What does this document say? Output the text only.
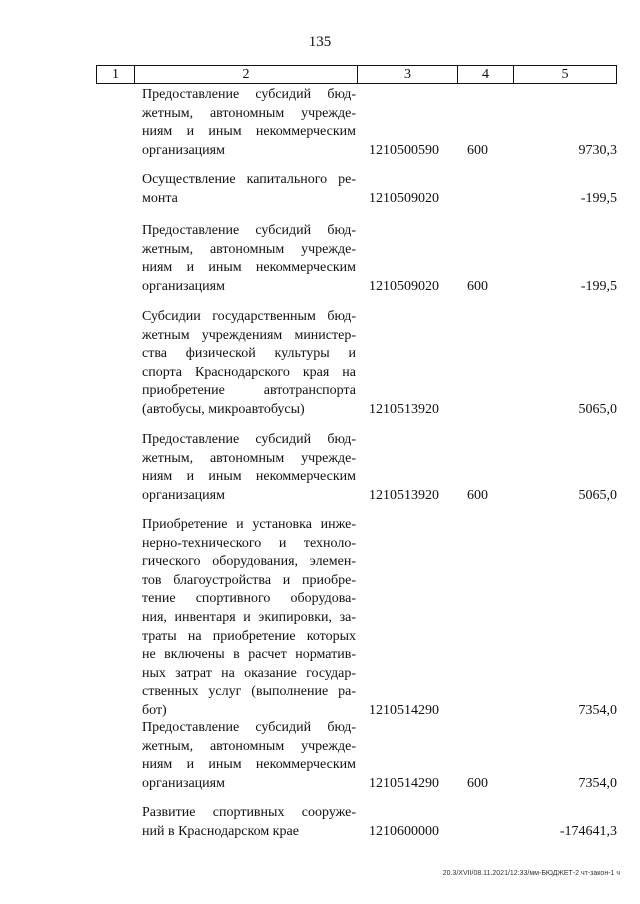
135
1	2	3	4	5
Предоставление субсидий бюд-
жетным, автономным учрежде-
ниям и иным некоммерческим
организациям	1210500590 600	9730,3
Осуществление капитального ре-
монта	1210509020	-199,5
Предоставление субсидий бюд-
жетным, автономным учрежде-
ниям и иным некоммерческим
организациям	1210509020 600	-199,5
Субсидии государственным бюд-
жетным учреждениям министер-
ства физической культуры и
спорта Краснодарского края на
приобретение автотранспорта
(автобусы, микроавтобусы)	1210513920	5065,0
Предоставление субсидий бюд-
жетным, автономным учрежде-
ниям и иным некоммерческим
организациям	1210513920 600	5065,0
Приобретение и установка инже-
нерно-технического и техноло-
гического оборудования, элемен-
тов благоустройства и приобре-
тение спортивного оборудова-
ния, инвентаря и экипировки, за-
траты на приобретение которых
не включены в расчет норматив-
ных затрат на оказание государ-
ственных услуг (выполнение ра-
бот)	1210514290	7354,0
Предоставление субсидий бюд-
жетным, автономным учрежде-
ниям и иным некоммерческим
организациям	1210514290 600	7354,0
Развитие спортивных сооруже-
ний в Краснодарском крае	1210600000	-174641,3
20.3/XVII/08.11.2021/12:33/мм-БЮДЖЕТ-2 чт-закон-1 ч
